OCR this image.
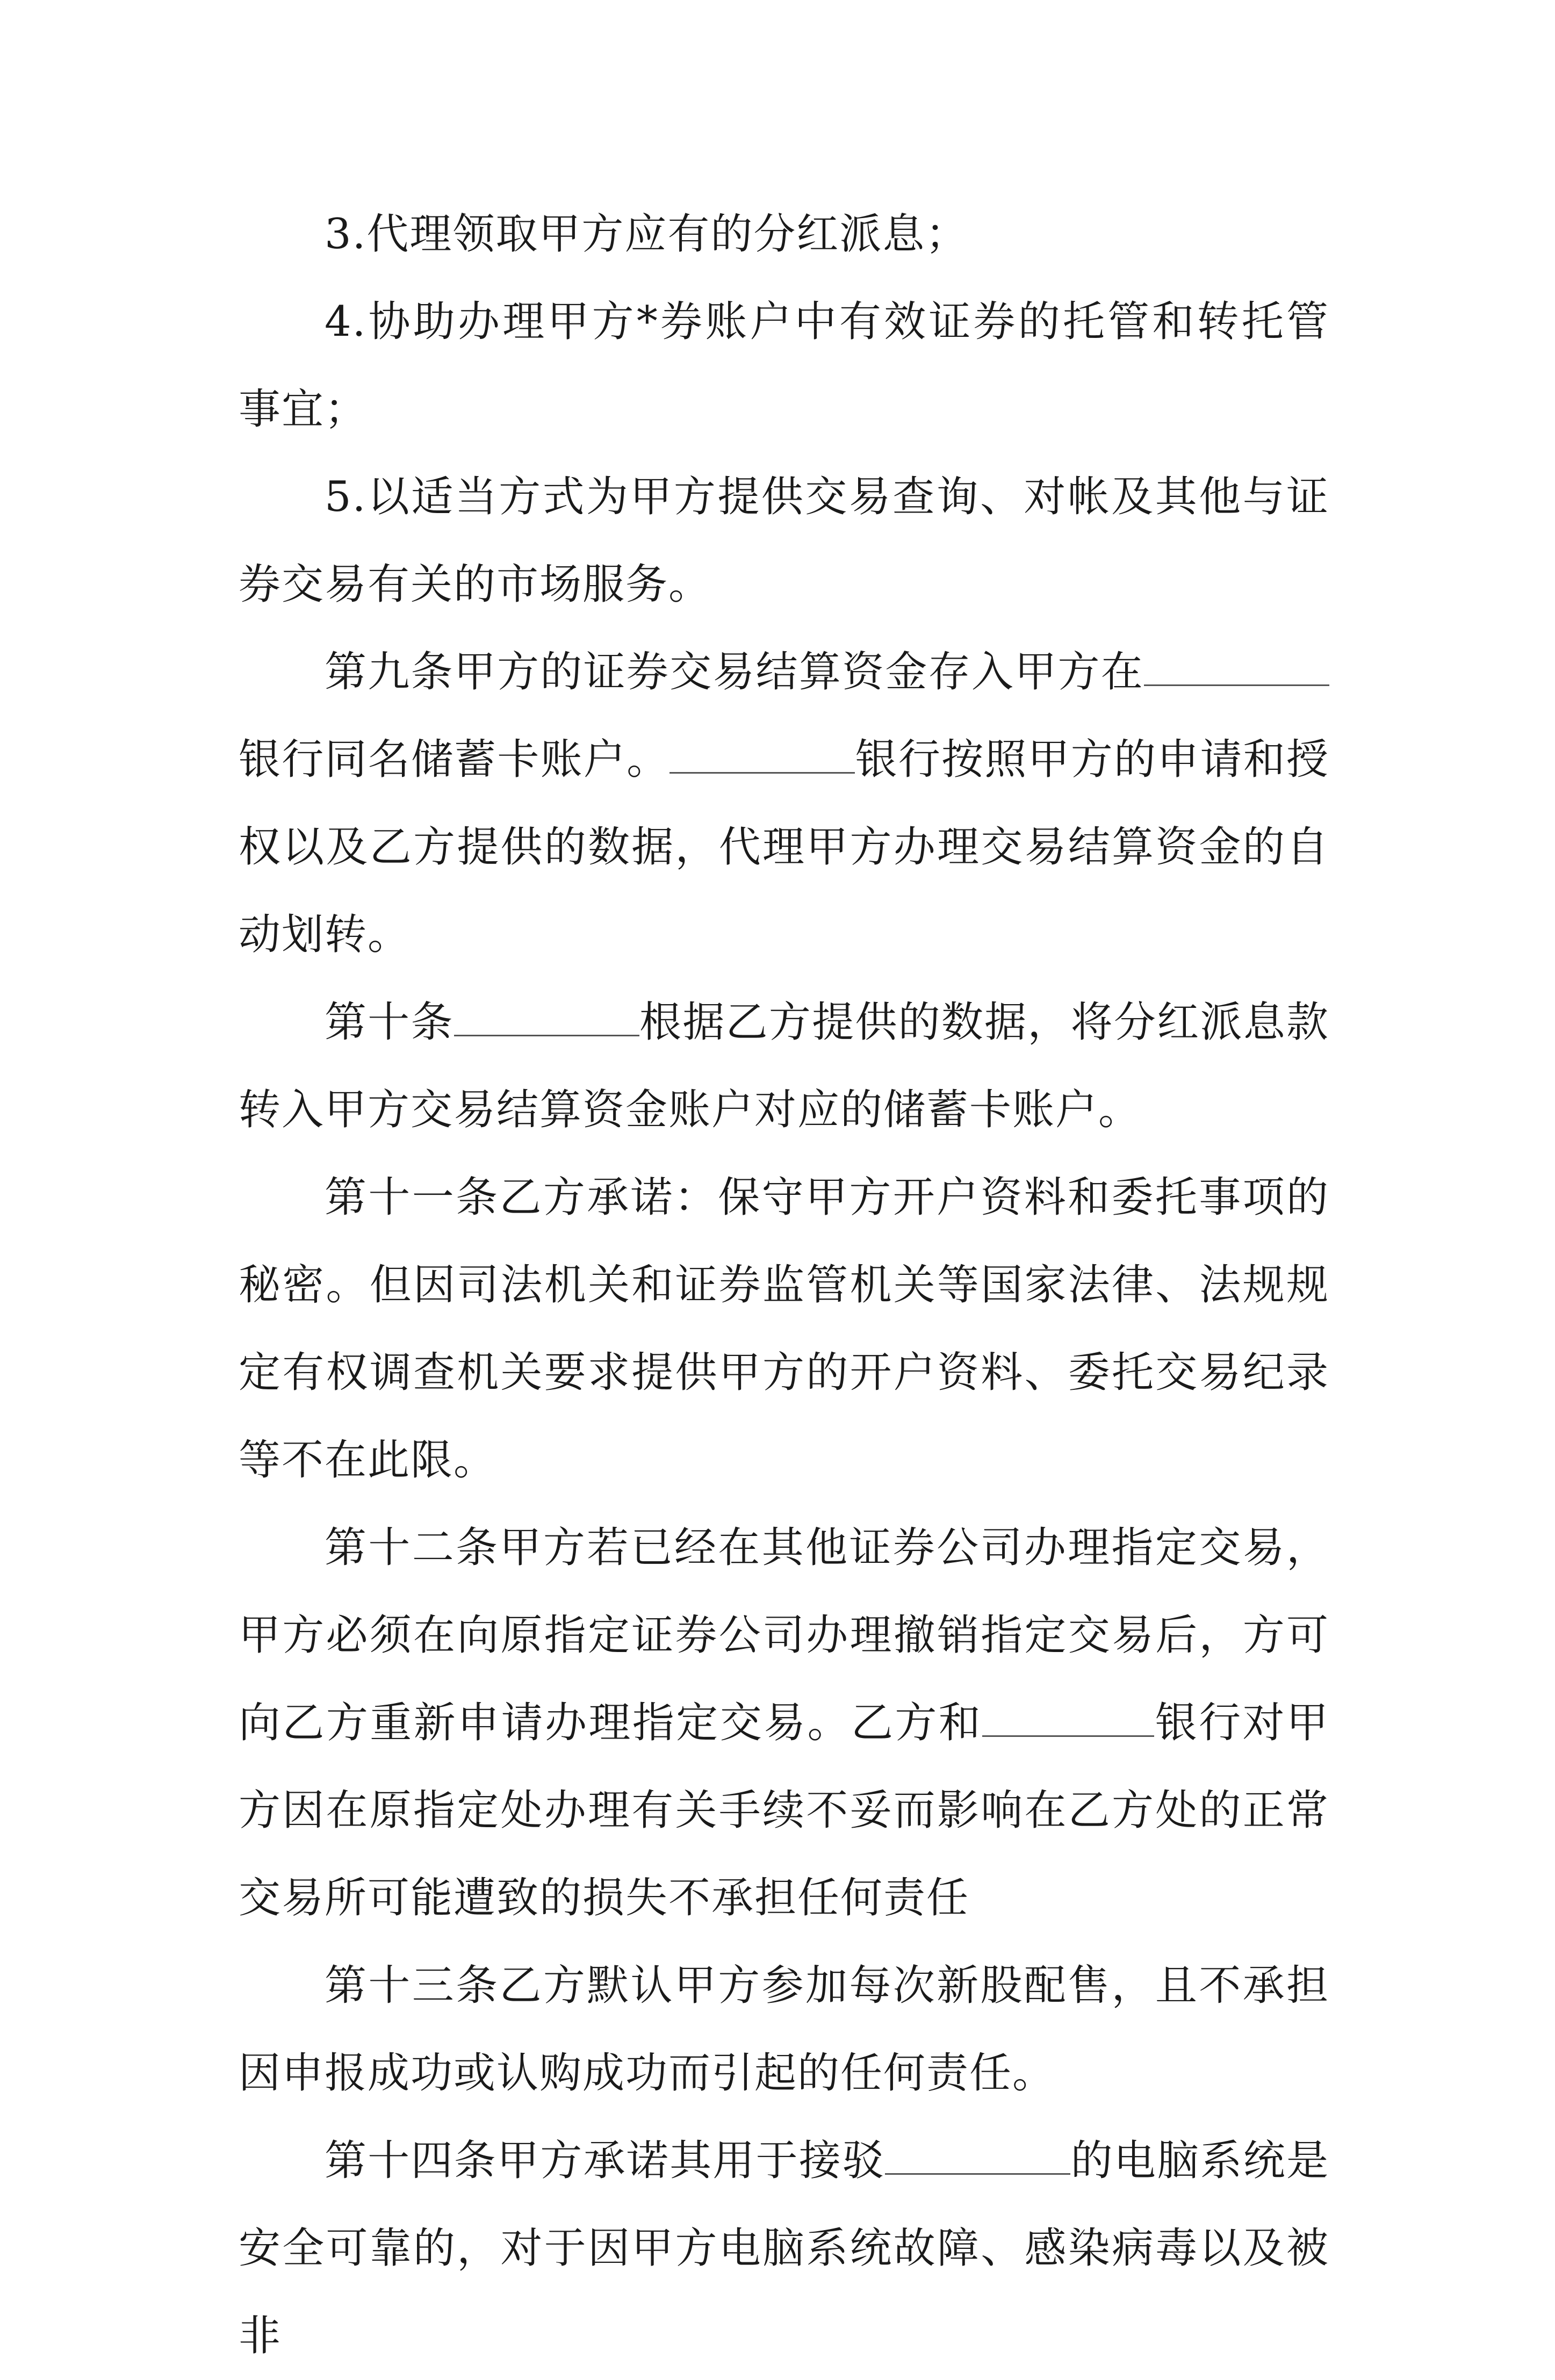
3.代理领取甲方应有的分红派息；

4.协助办理甲方*券账户中有效证券的托管和转托管事宜；

5.以适当方式为甲方提供交易查询、对帐及其他与证券交易有关的市场服务。

第九条甲方的证券交易结算资金存入甲方在银行同名储蓄卡账户。	银行按照甲方的申请和授权以及乙方提供的数据，代理甲方办理交易结算资金的自动划转。

第十条	根据乙方提供的数据，将分红派息款转入甲方交易结算资金账户对应的储蓄卡账户。

第十一条乙方承诺：保守甲方开户资料和委托事项的秘密。但因司法机关和证券监管机关等国家法律、法规规定有权调查机关要求提供甲方的开户资料、委托交易纪录等不在此限。

第十二条甲方若已经在其他证券公司办理指定交易，甲方必须在向原指定证券公司办理撤销指定交易后，方可向乙方重新申请办理指定交易。乙方和	银行对甲方因在原指定处办理有关手续不妥而影响在乙方处的正常交易所可能遭致的损失不承担任何责任

第十三条乙方默认甲方参加每次新股配售，且不承担因申报成功或认购成功而引起的任何责任。

第十四条甲方承诺其用于接驳	的电脑系统是安全可靠的，对于因甲方电脑系统故障、感染病毒以及被非
